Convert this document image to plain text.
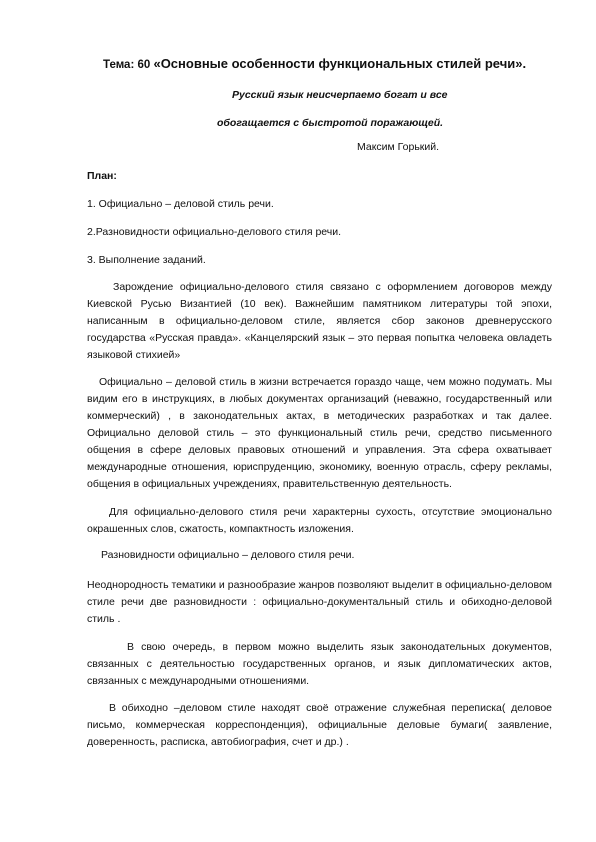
Тема: 60 «Основные особенности функциональных стилей речи».
Русский язык неисчерпаемо богат и все
обогащается с быстротой поражающей.
Максим Горький.
План:
1. Официально – деловой стиль речи.
2.Разновидности официально-делового стиля речи.
3. Выполнение заданий.

Зарождение официально-делового стиля связано с оформлением договоров между Киевской Русью Византией (10 век). Важнейшим памятником литературы той эпохи, написанным в официально-деловом стиле, является сбор законов древнерусского государства «Русская правда». «Канцелярский язык – это первая попытка человека овладеть языковой стихией»

Официально – деловой стиль в жизни встречается гораздо чаще, чем можно подумать. Мы видим его в инструкциях, в любых документах организаций (неважно, государственный или коммерческий) , в законодательных актах, в методических разработках и так далее. Официально деловой стиль – это функциональный стиль речи, средство письменного общения в сфере деловых правовых отношений и управления. Эта сфера охватывает международные отношения, юриспруденцию, экономику, военную отрасль, сферу рекламы, общения в официальных учреждениях, правительственную деятельность.

Для официально-делового стиля речи характерны сухость, отсутствие эмоционально окрашенных слов, сжатость, компактность изложения.

Разновидности официально – делового стиля речи.

Неоднородность тематики и разнообразие жанров позволяют выделит в официально-деловом стиле речи две разновидности : официально-документальный стиль и обиходно-деловой стиль .

В свою очередь, в первом можно выделить язык законодательных документов, связанных с деятельностью государственных органов, и язык дипломатических актов, связанных с международными отношениями.

В обиходно –деловом стиле находят своё отражение служебная переписка( деловое письмо, коммерческая корреспонденция), официальные деловые бумаги( заявление, доверенность, расписка, автобиография, счет и др.) .
